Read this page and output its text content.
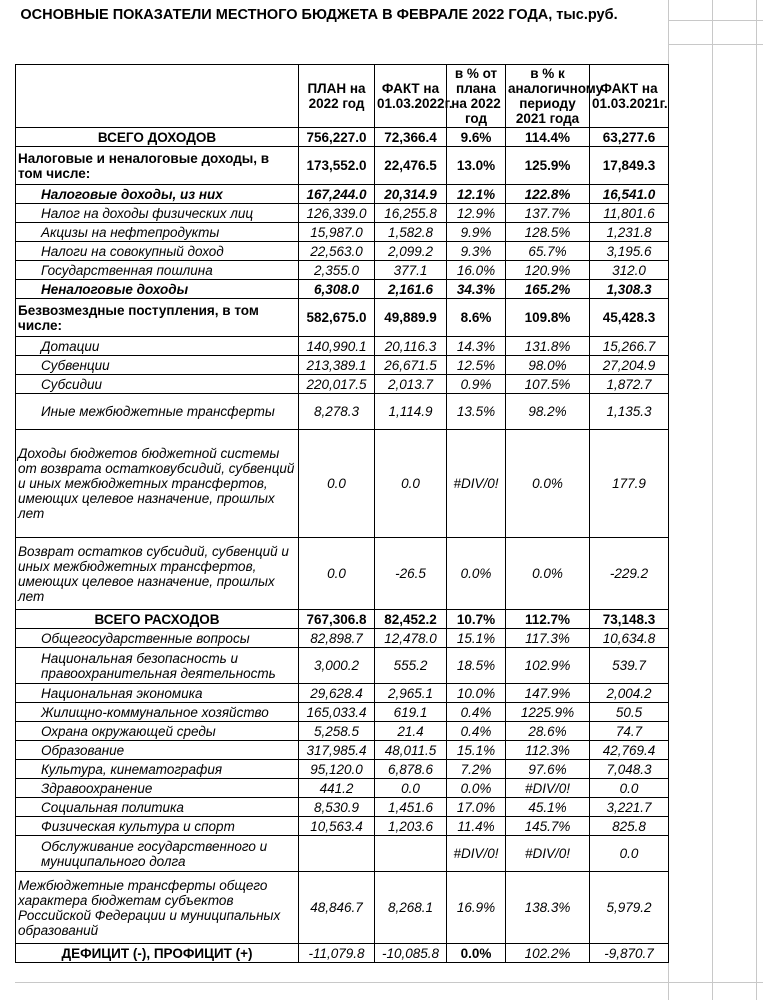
ОСНОВНЫЕ ПОКАЗАТЕЛИ МЕСТНОГО БЮДЖЕТА В ФЕВРАЛЕ 2022 ГОДА, тыс.руб.
	ПЛАН на 2022 год	ФАКТ на 01.03.2022г.	в % от плана на 2022 год	в % к аналогичному периоду 2021 года	ФАКТ на 01.03.2021г.
ВСЕГО ДОХОДОВ	756,227.0	72,366.4	9.6%	114.4%	63,277.6
Налоговые и неналоговые доходы, в том числе:	173,552.0	22,476.5	13.0%	125.9%	17,849.3
Налоговые доходы, из них	167,244.0	20,314.9	12.1%	122.8%	16,541.0
Налог на доходы физических лиц	126,339.0	16,255.8	12.9%	137.7%	11,801.6
Акцизы на нефтепродукты	15,987.0	1,582.8	9.9%	128.5%	1,231.8
Налоги на совокупный доход	22,563.0	2,099.2	9.3%	65.7%	3,195.6
Государственная пошлина	2,355.0	377.1	16.0%	120.9%	312.0
Неналоговые доходы	6,308.0	2,161.6	34.3%	165.2%	1,308.3
Безвозмездные поступления, в том числе:	582,675.0	49,889.9	8.6%	109.8%	45,428.3
Дотации	140,990.1	20,116.3	14.3%	131.8%	15,266.7
Субвенции	213,389.1	26,671.5	12.5%	98.0%	27,204.9
Субсидии	220,017.5	2,013.7	0.9%	107.5%	1,872.7
Иные межбюджетные трансферты	8,278.3	1,114.9	13.5%	98.2%	1,135.3
Доходы бюджетов бюджетной системы от возврата остатковубсидий, субвенций и иных межбюджетных трансфертов, имеющих целевое назначение, прошлых лет	0.0	0.0	#DIV/0!	0.0%	177.9
Возврат остатков субсидий, субвенций и иных межбюджетных трансфертов, имеющих целевое назначение, прошлых лет	0.0	-26.5	0.0%	0.0%	-229.2
ВСЕГО РАСХОДОВ	767,306.8	82,452.2	10.7%	112.7%	73,148.3
Общегосударственные вопросы	82,898.7	12,478.0	15.1%	117.3%	10,634.8
Национальная безопасность и правоохранительная деятельность	3,000.2	555.2	18.5%	102.9%	539.7
Национальная экономика	29,628.4	2,965.1	10.0%	147.9%	2,004.2
Жилищно-коммунальное хозяйство	165,033.4	619.1	0.4%	1225.9%	50.5
Охрана окружающей среды	5,258.5	21.4	0.4%	28.6%	74.7
Образование	317,985.4	48,011.5	15.1%	112.3%	42,769.4
Культура, кинематография	95,120.0	6,878.6	7.2%	97.6%	7,048.3
Здравоохранение	441.2	0.0	0.0%	#DIV/0!	0.0
Социальная политика	8,530.9	1,451.6	17.0%	45.1%	3,221.7
Физическая культура и спорт	10,563.4	1,203.6	11.4%	145.7%	825.8
Обслуживание государственного и муниципального долга			#DIV/0!	#DIV/0!	0.0
Межбюджетные трансферты общего характера бюджетам субъектов Российской Федерации и муниципальных образований	48,846.7	8,268.1	16.9%	138.3%	5,979.2
ДЕФИЦИТ (-), ПРОФИЦИТ (+)	-11,079.8	-10,085.8	0.0%	102.2%	-9,870.7
